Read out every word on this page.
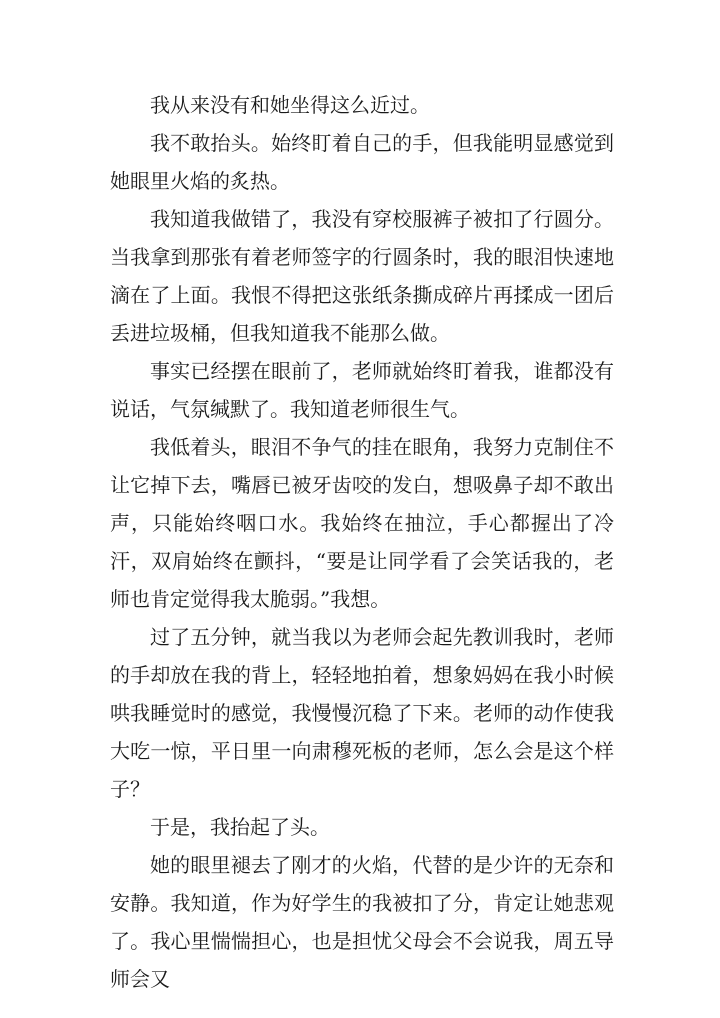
我从来没有和她坐得这么近过。

我不敢抬头。始终盯着自己的手，但我能明显感觉到她眼里火焰的炙热。

我知道我做错了，我没有穿校服裤子被扣了行圆分。当我拿到那张有着老师签字的行圆条时，我的眼泪快速地滴在了上面。我恨不得把这张纸条撕成碎片再揉成一团后丢进垃圾桶，但我知道我不能那么做。

事实已经摆在眼前了，老师就始终盯着我，谁都没有说话，气氛缄默了。我知道老师很生气。

我低着头，眼泪不争气的挂在眼角，我努力克制住不让它掉下去，嘴唇已被牙齿咬的发白，想吸鼻子却不敢出声，只能始终咽口水。我始终在抽泣，手心都握出了冷汗，双肩始终在颤抖，“要是让同学看了会笑话我的，老师也肯定觉得我太脆弱。”我想。

过了五分钟，就当我以为老师会起先教训我时，老师的手却放在我的背上，轻轻地拍着，想象妈妈在我小时候哄我睡觉时的感觉，我慢慢沉稳了下来。老师的动作使我大吃一惊，平日里一向肃穆死板的老师，怎么会是这个样子？

于是，我抬起了头。

她的眼里褪去了刚才的火焰，代替的是少许的无奈和安静。我知道，作为好学生的我被扣了分，肯定让她悲观了。我心里惴惴担心，也是担忧父母会不会说我，周五导师会又
